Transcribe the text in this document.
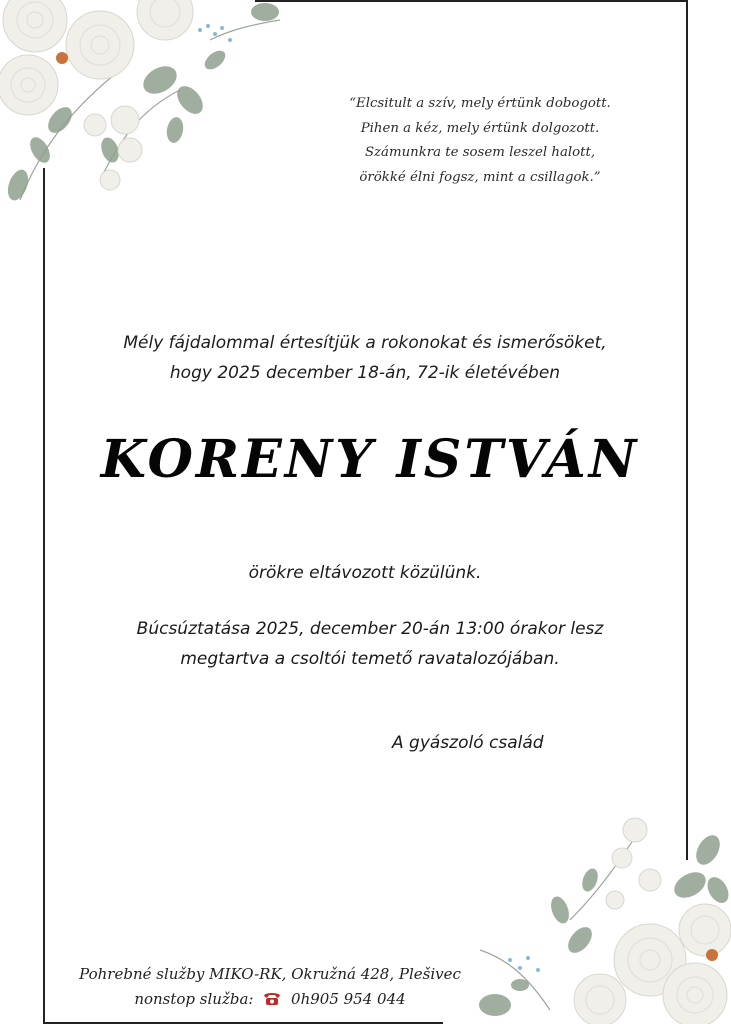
“Elcsitult a szív, mely értünk dobogott.
Pihen a kéz, mely értünk dolgozott.
Számunkra te sosem leszel halott,
örökké élni fogsz, mint a csillagok.”
Mély fájdalommal értesítjük a rokonokat és ismerősöket,
hogy 2025 december 18-án, 72-ik életévében
KORENY ISTVÁN
örökre eltávozott közülünk.
Búcsúztatása 2025, december 20-án 13:00 órakor lesz
megtartva a csoltói temető ravatalozójában.
A gyászoló család
Pohrebné služby MIKO-RK, Okružná 428, Plešivec
nonstop služba:	0h905 954 044
